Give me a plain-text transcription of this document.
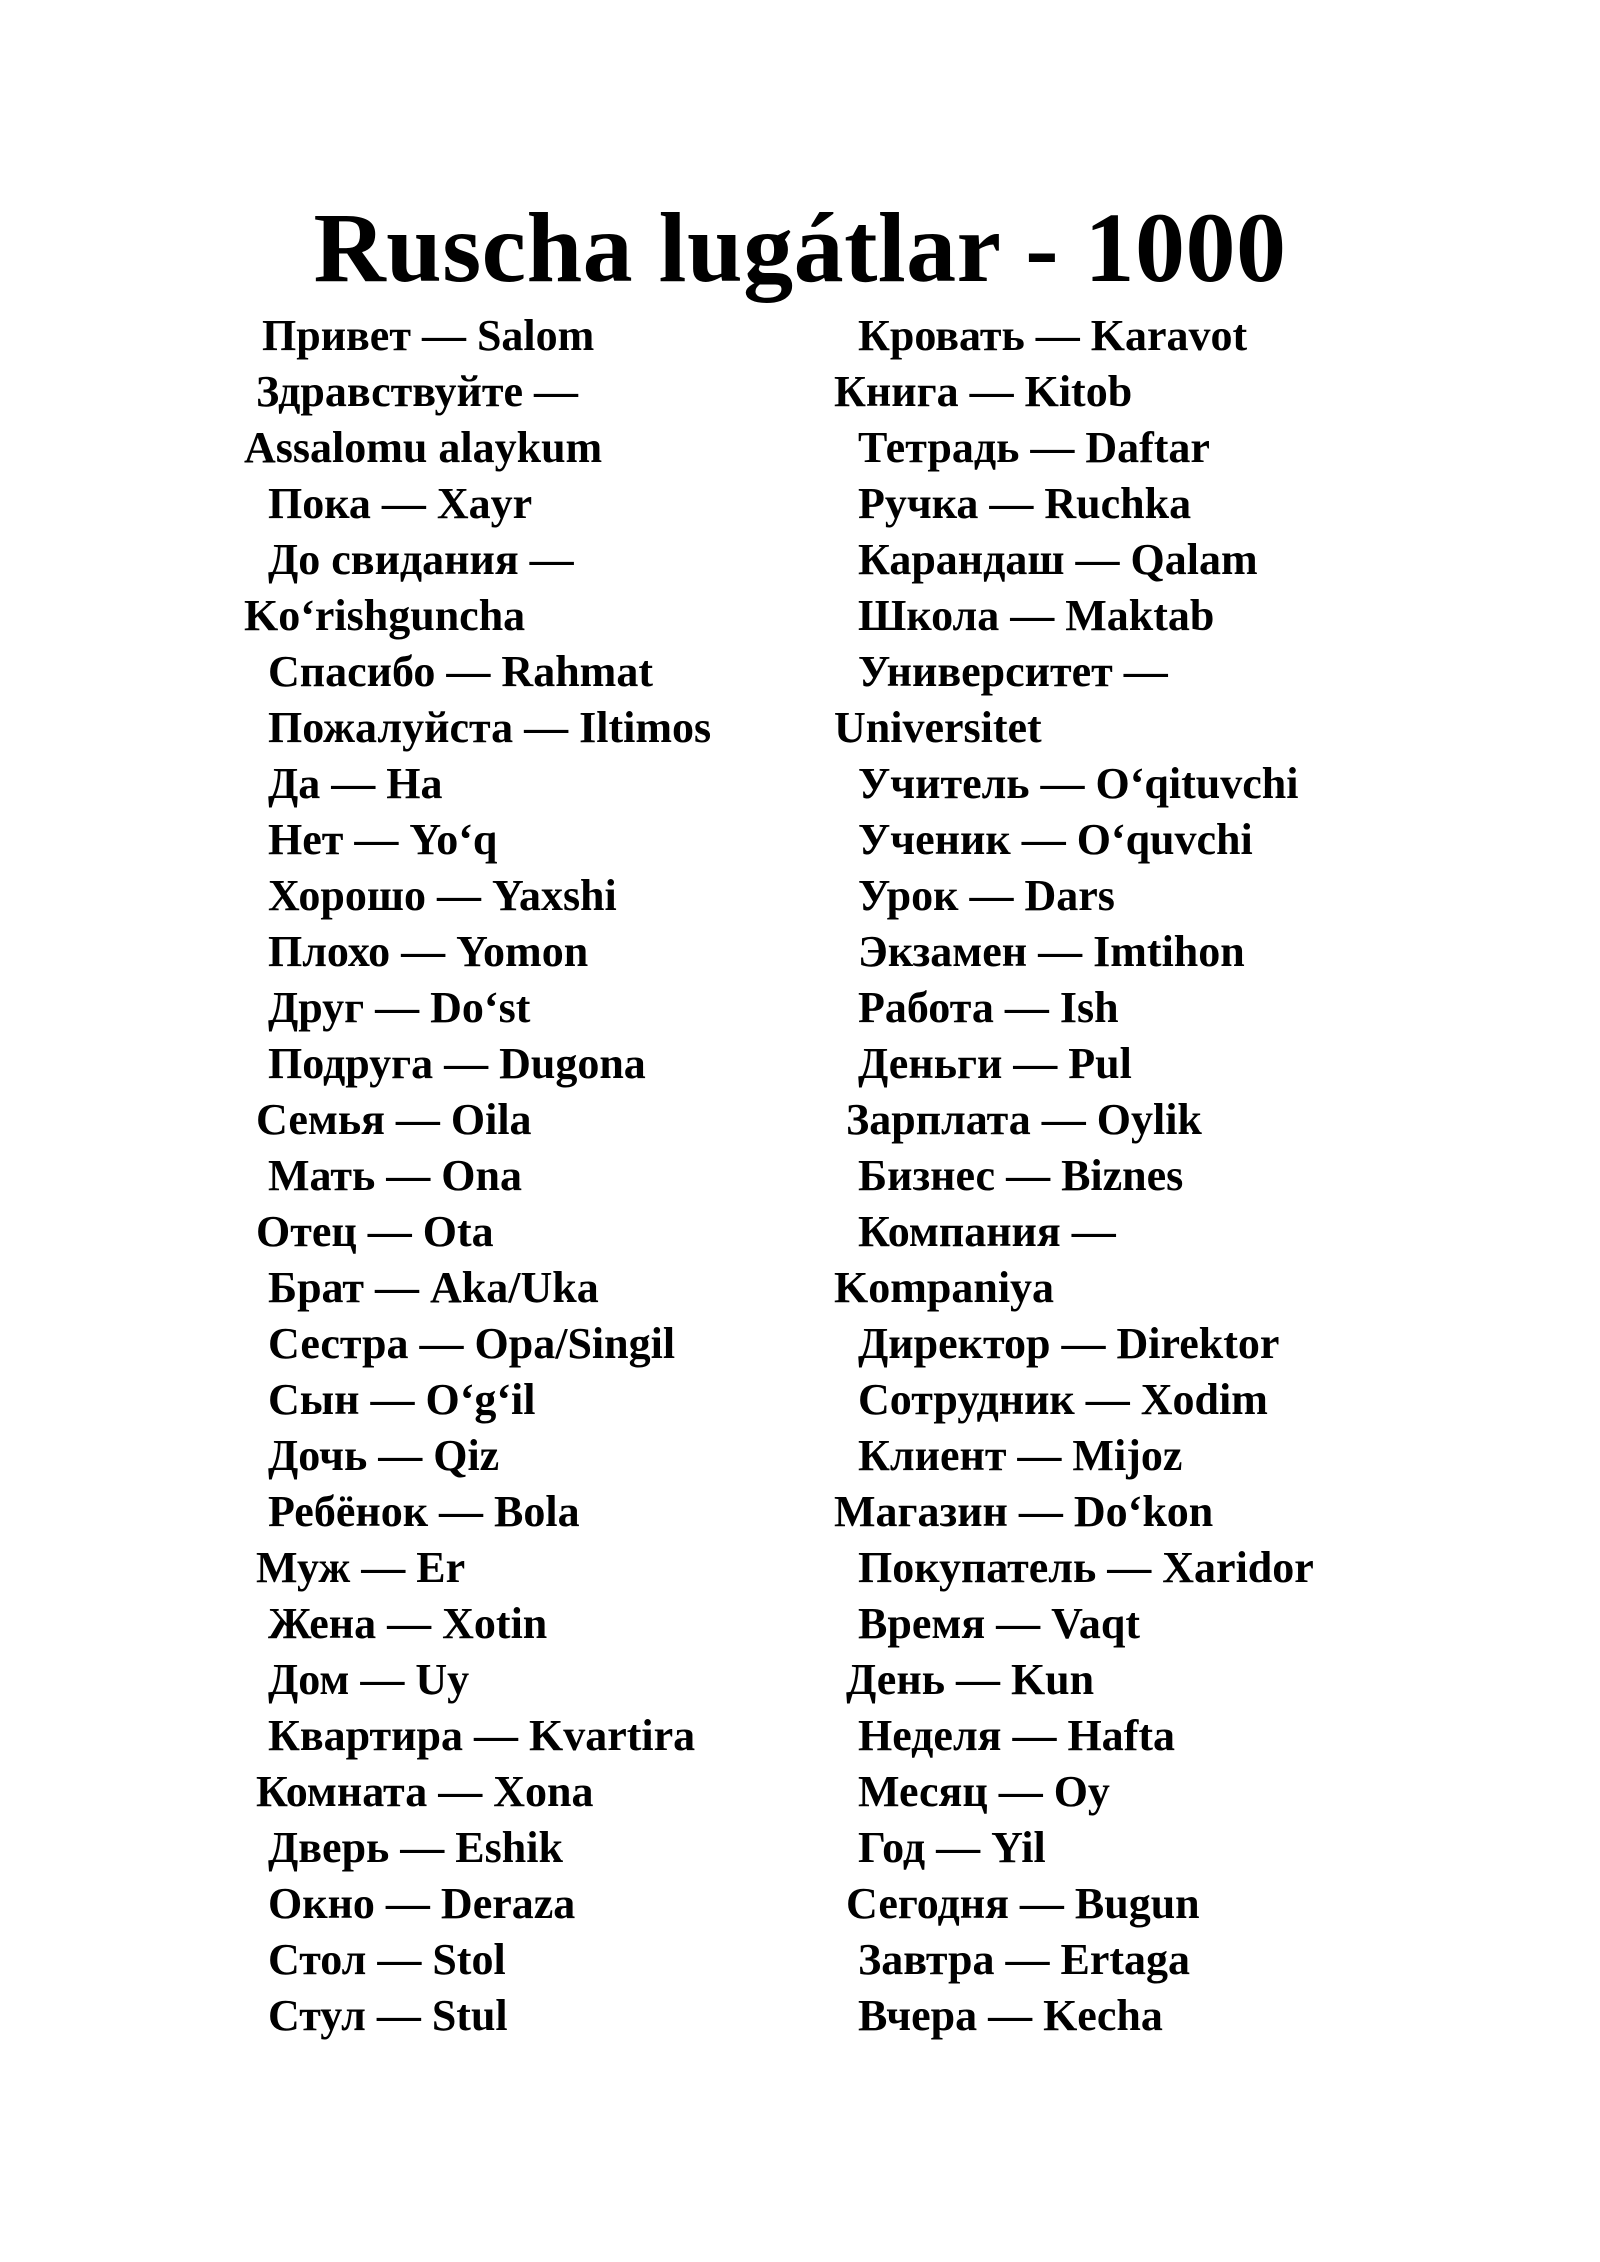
Ruscha lugátlar - 1000
Привет — Salom
Здравствуйте —
Assalomu alaykum
Пока — Xayr
До свидания —
Ko‘rishguncha
Спасибо — Rahmat
Пожалуйста — Iltimos
Да — Ha
Нет — Yo‘q
Хорошо — Yaxshi
Плохо — Yomon
Друг — Do‘st
Подруга — Dugona
Семья — Oila
Мать — Ona
Отец — Ota
Брат — Aka/Uka
Сестра — Opa/Singil
Сын — O‘g‘il
Дочь — Qiz
Ребёнок — Bola
Муж — Er
Жена — Xotin
Дом — Uy
Квартира — Kvartira
Комната — Xona
Дверь — Eshik
Окно — Deraza
Стол — Stol
Стул — Stul
Кровать — Karavot
Книга — Kitob
Тетрадь — Daftar
Ручка — Ruchka
Карандаш — Qalam
Школа — Maktab
Университет —
Universitet
Учитель — O‘qituvchi
Ученик — O‘quvchi
Урок — Dars
Экзамен — Imtihon
Работа — Ish
Деньги — Pul
Зарплата — Oylik
Бизнес — Biznes
Компания —
Kompaniya
Директор — Direktor
Сотрудник — Xodim
Клиент — Mijoz
Магазин — Do‘kon
Покупатель — Xaridor
Время — Vaqt
День — Kun
Неделя — Hafta
Месяц — Oy
Год — Yil
Сегодня — Bugun
Завтра — Ertaga
Вчера — Kecha
